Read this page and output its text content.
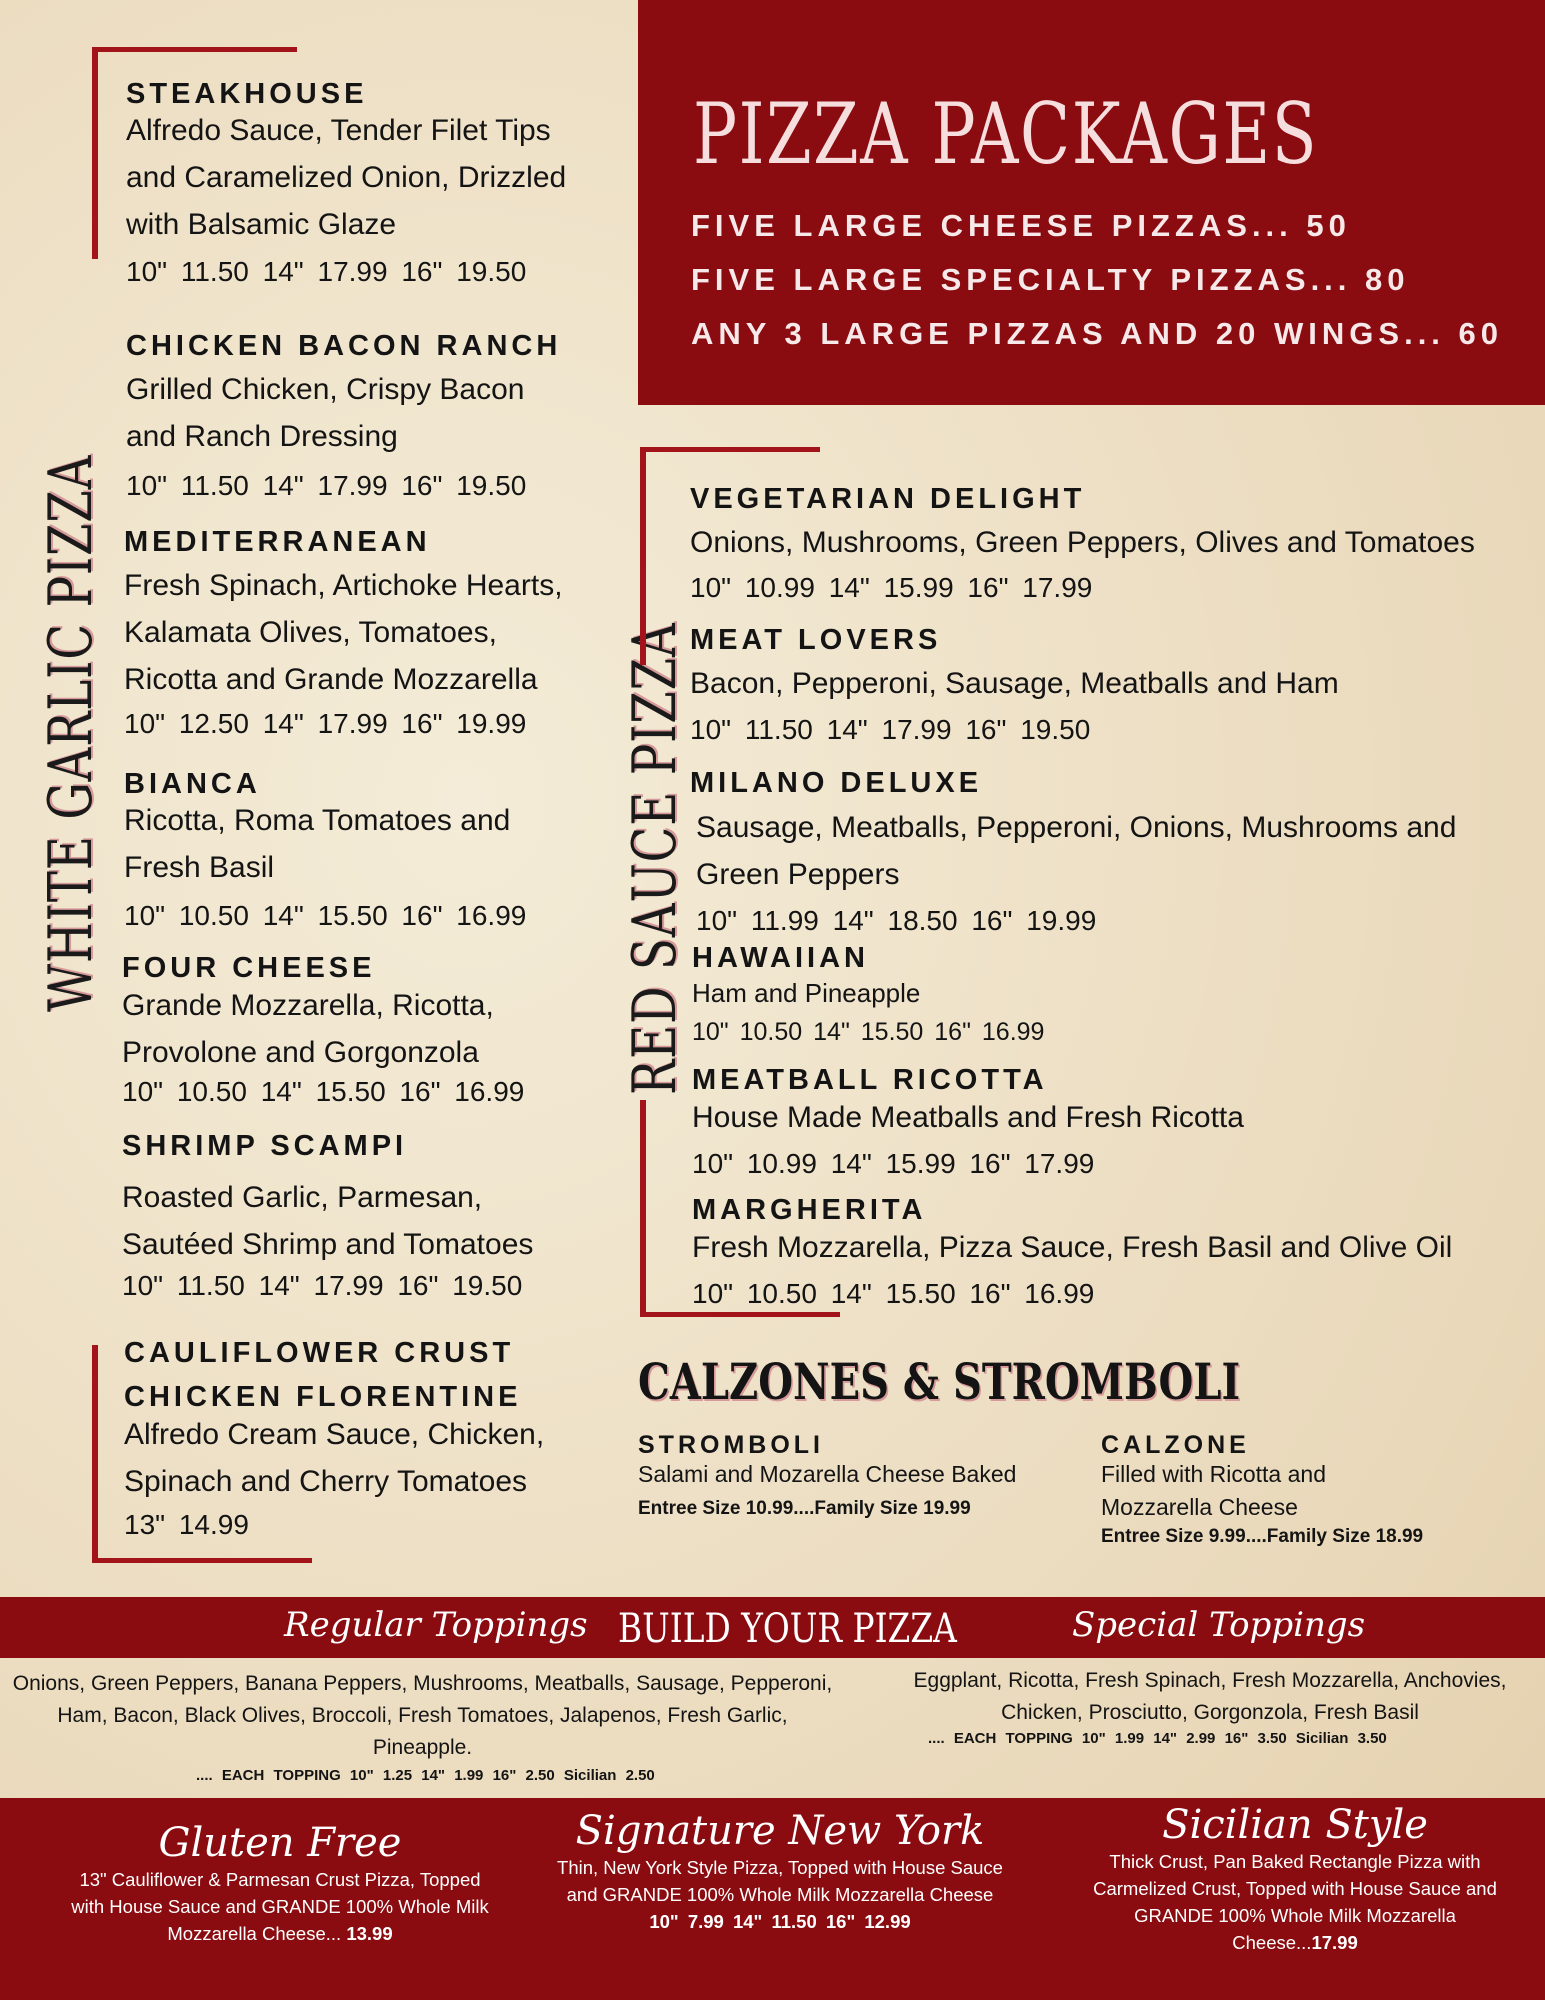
PIZZA PACKAGES
FIVE LARGE CHEESE PIZZAS... 50
FIVE LARGE SPECIALTY PIZZAS... 80
ANY 3 LARGE PIZZAS AND 20 WINGS... 60
WHITE GARLIC PIZZA
STEAKHOUSE
Alfredo Sauce, Tender Filet Tips
and Caramelized Onion, Drizzled
with Balsamic Glaze
10" 11.50 14" 17.99 16" 19.50
CHICKEN BACON RANCH
Grilled Chicken, Crispy Bacon
and Ranch Dressing
10" 11.50 14" 17.99 16" 19.50
MEDITERRANEAN
Fresh Spinach, Artichoke Hearts,
Kalamata Olives, Tomatoes,
Ricotta and Grande Mozzarella
10" 12.50 14" 17.99 16" 19.99
BIANCA
Ricotta, Roma Tomatoes and
Fresh Basil
10" 10.50 14" 15.50 16" 16.99
FOUR CHEESE
Grande Mozzarella, Ricotta,
Provolone and Gorgonzola
10" 10.50 14" 15.50 16" 16.99
SHRIMP SCAMPI
Roasted Garlic, Parmesan,
Sautéed Shrimp and Tomatoes
10" 11.50 14" 17.99 16" 19.50
CAULIFLOWER CRUST
CHICKEN FLORENTINE
Alfredo Cream Sauce, Chicken,
Spinach and Cherry Tomatoes
13" 14.99
RED SAUCE PIZZA
VEGETARIAN DELIGHT
Onions, Mushrooms, Green Peppers, Olives and Tomatoes
10" 10.99 14" 15.99 16" 17.99
MEAT LOVERS
Bacon, Pepperoni, Sausage, Meatballs and Ham
10" 11.50 14" 17.99 16" 19.50
MILANO DELUXE
Sausage, Meatballs, Pepperoni, Onions, Mushrooms and
Green Peppers
10" 11.99 14" 18.50 16" 19.99
HAWAIIAN
Ham and Pineapple
10" 10.50 14" 15.50 16" 16.99
MEATBALL RICOTTA
House Made Meatballs and Fresh Ricotta
10" 10.99 14" 15.99 16" 17.99
MARGHERITA
Fresh Mozzarella, Pizza Sauce, Fresh Basil and Olive Oil
10" 10.50 14" 15.50 16" 16.99
CALZONES & STROMBOLI
STROMBOLI
Salami and Mozarella Cheese Baked
Entree Size 10.99....Family Size 19.99
CALZONE
Filled with Ricotta and
Mozzarella Cheese
Entree Size 9.99....Family Size 18.99
Regular Toppings BUILD YOUR PIZZA	Special Toppings
Onions, Green Peppers, Banana Peppers, Mushrooms, Meatballs, Sausage, Pepperoni,
Ham, Bacon, Black Olives, Broccoli, Fresh Tomatoes, Jalapenos, Fresh Garlic,
Pineapple.
.... EACH TOPPING 10" 1.25 14" 1.99 16" 2.50 Sicilian 2.50
Eggplant, Ricotta, Fresh Spinach, Fresh Mozzarella, Anchovies,
Chicken, Prosciutto, Gorgonzola, Fresh Basil
.... EACH TOPPING 10" 1.99 14" 2.99 16" 3.50 Sicilian 3.50
Gluten Free
13" Cauliflower & Parmesan Crust Pizza, Topped
with House Sauce and GRANDE 100% Whole Milk
Mozzarella Cheese... 13.99
Signature New York
Thin, New York Style Pizza, Topped with House Sauce
and GRANDE 100% Whole Milk Mozzarella Cheese
10" 7.99 14" 11.50 16" 12.99
Sicilian Style
Thick Crust, Pan Baked Rectangle Pizza with
Carmelized Crust, Topped with House Sauce and
GRANDE 100% Whole Milk Mozzarella
Cheese...17.99
